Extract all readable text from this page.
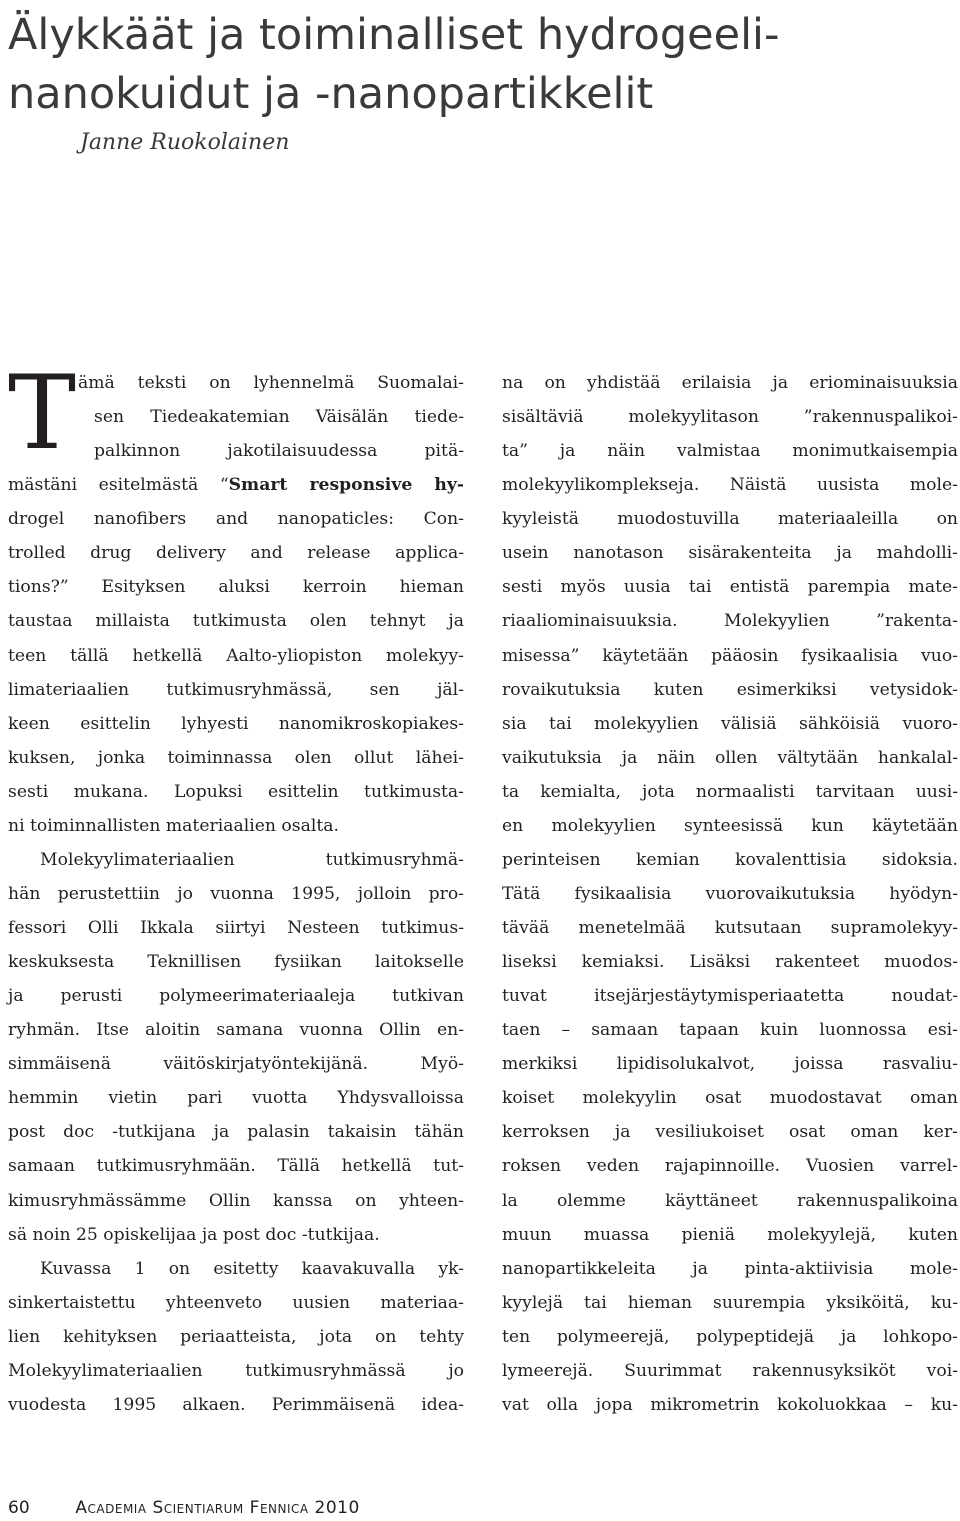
Älykkäät ja toiminalliset hydrogeeli-
nanokuidut ja -nanopartikkelit
Janne Ruokolainen
T ämä teksti on lyhennelmä Suomalai-
sen Tiedeakatemian Väisälän tiede-
palkinnon jakotilaisuudessa pitä-
mästäni esitelmästä “Smart responsive hy-
drogel nanofibers and nanopaticles: Con-
trolled drug delivery and release applica-
tions?” Esityksen aluksi kerroin hieman
taustaa millaista tutkimusta olen tehnyt ja
teen tällä hetkellä Aalto-yliopiston molekyy-
limateriaalien tutkimusryhmässä, sen jäl-
keen esittelin lyhyesti nanomikroskopiakes-
kuksen, jonka toiminnassa olen ollut lähei-
sesti mukana. Lopuksi esittelin tutkimusta-
ni toiminnallisten materiaalien osalta.
Molekyylimateriaalien tutkimusryhmä-
hän perustettiin jo vuonna 1995, jolloin pro-
fessori Olli Ikkala siirtyi Nesteen tutkimus-
keskuksesta Teknillisen fysiikan laitokselle
ja perusti polymeerimateriaaleja tutkivan
ryhmän. Itse aloitin samana vuonna Ollin en-
simmäisenä väitöskirjatyöntekijänä. Myö-
hemmin vietin pari vuotta Yhdysvalloissa
post doc -tutkijana ja palasin takaisin tähän
samaan tutkimusryhmään. Tällä hetkellä tut-
kimusryhmässämme Ollin kanssa on yhteen-
sä noin 25 opiskelijaa ja post doc -tutkijaa.
Kuvassa 1 on esitetty kaavakuvalla yk-
sinkertaistettu yhteenveto uusien materiaa-
lien kehityksen periaatteista, jota on tehty
Molekyylimateriaalien tutkimusryhmässä jo
vuodesta 1995 alkaen. Perimmäisenä idea-
na on yhdistää erilaisia ja eriominaisuuksia
sisältäviä molekyylitason ”rakennuspalikoi-
ta” ja näin valmistaa monimutkaisempia
molekyylikomplekseja. Näistä uusista mole-
kyyleistä muodostuvilla materiaaleilla on
usein nanotason sisärakenteita ja mahdolli-
sesti myös uusia tai entistä parempia mate-
riaaliominaisuuksia. Molekyylien ”rakenta-
misessa” käytetään pääosin fysikaalisia vuo-
rovaikutuksia kuten esimerkiksi vetysidok-
sia tai molekyylien välisiä sähköisiä vuoro-
vaikutuksia ja näin ollen vältytään hankalal-
ta kemialta, jota normaalisti tarvitaan uusi-
en molekyylien synteesissä kun käytetään
perinteisen kemian kovalenttisia sidoksia.
Tätä fysikaalisia vuorovaikutuksia hyödyn-
tävää menetelmää kutsutaan supramolekyy-
liseksi kemiaksi. Lisäksi rakenteet muodos-
tuvat itsejärjestäytymisperiaatetta noudat-
taen – samaan tapaan kuin luonnossa esi-
merkiksi lipidisolukalvot, joissa rasvaliu-
koiset molekyylin osat muodostavat oman
kerroksen ja vesiliukoiset osat oman ker-
roksen veden rajapinnoille. Vuosien varrel-
la olemme käyttäneet rakennuspalikoina
muun muassa pieniä molekyylejä, kuten
nanopartikkeleita ja pinta-aktiivisia mole-
kyylejä tai hieman suurempia yksiköitä, ku-
ten polymeerejä, polypeptidejä ja lohkopo-
lymeerejä. Suurimmat rakennusyksiköt voi-
vat olla jopa mikrometrin kokoluokkaa – ku-
60	Academia Scientiarum Fennica 2010
